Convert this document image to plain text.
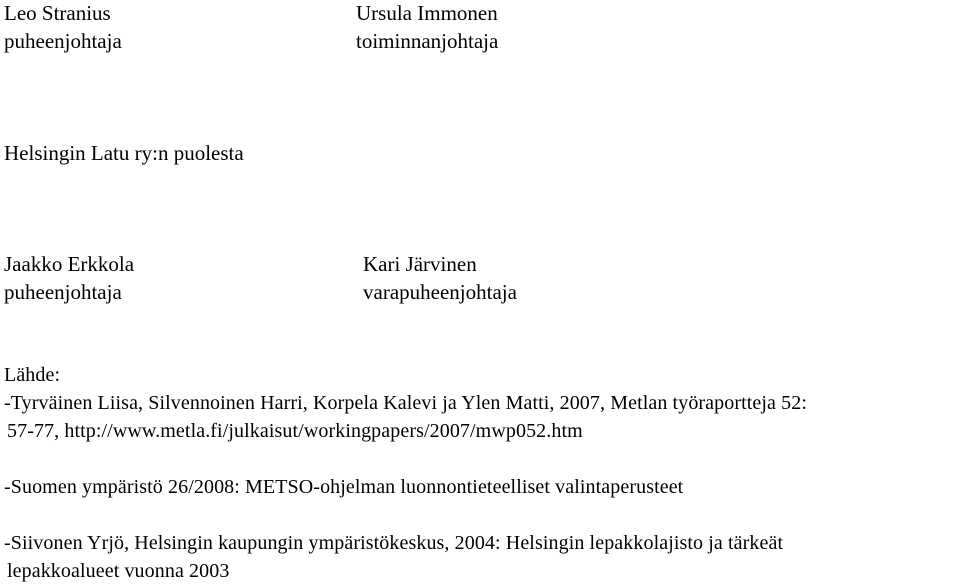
Leo Stranius
puheenjohtaja
Ursula Immonen
toiminnanjohtaja
Helsingin Latu ry:n puolesta
Jaakko Erkkola
puheenjohtaja
Kari Järvinen
varapuheenjohtaja
Lähde:
-Tyrväinen Liisa, Silvennoinen Harri, Korpela Kalevi ja Ylen Matti, 2007, Metlan työraportteja 52:
57-77, http://www.metla.fi/julkaisut/workingpapers/2007/mwp052.htm
-Suomen ympäristö 26/2008: METSO-ohjelman luonnontieteelliset valintaperusteet
-Siivonen Yrjö, Helsingin kaupungin ympäristökeskus, 2004: Helsingin lepakkolajisto ja tärkeät
lepakkoalueet vuonna 2003
